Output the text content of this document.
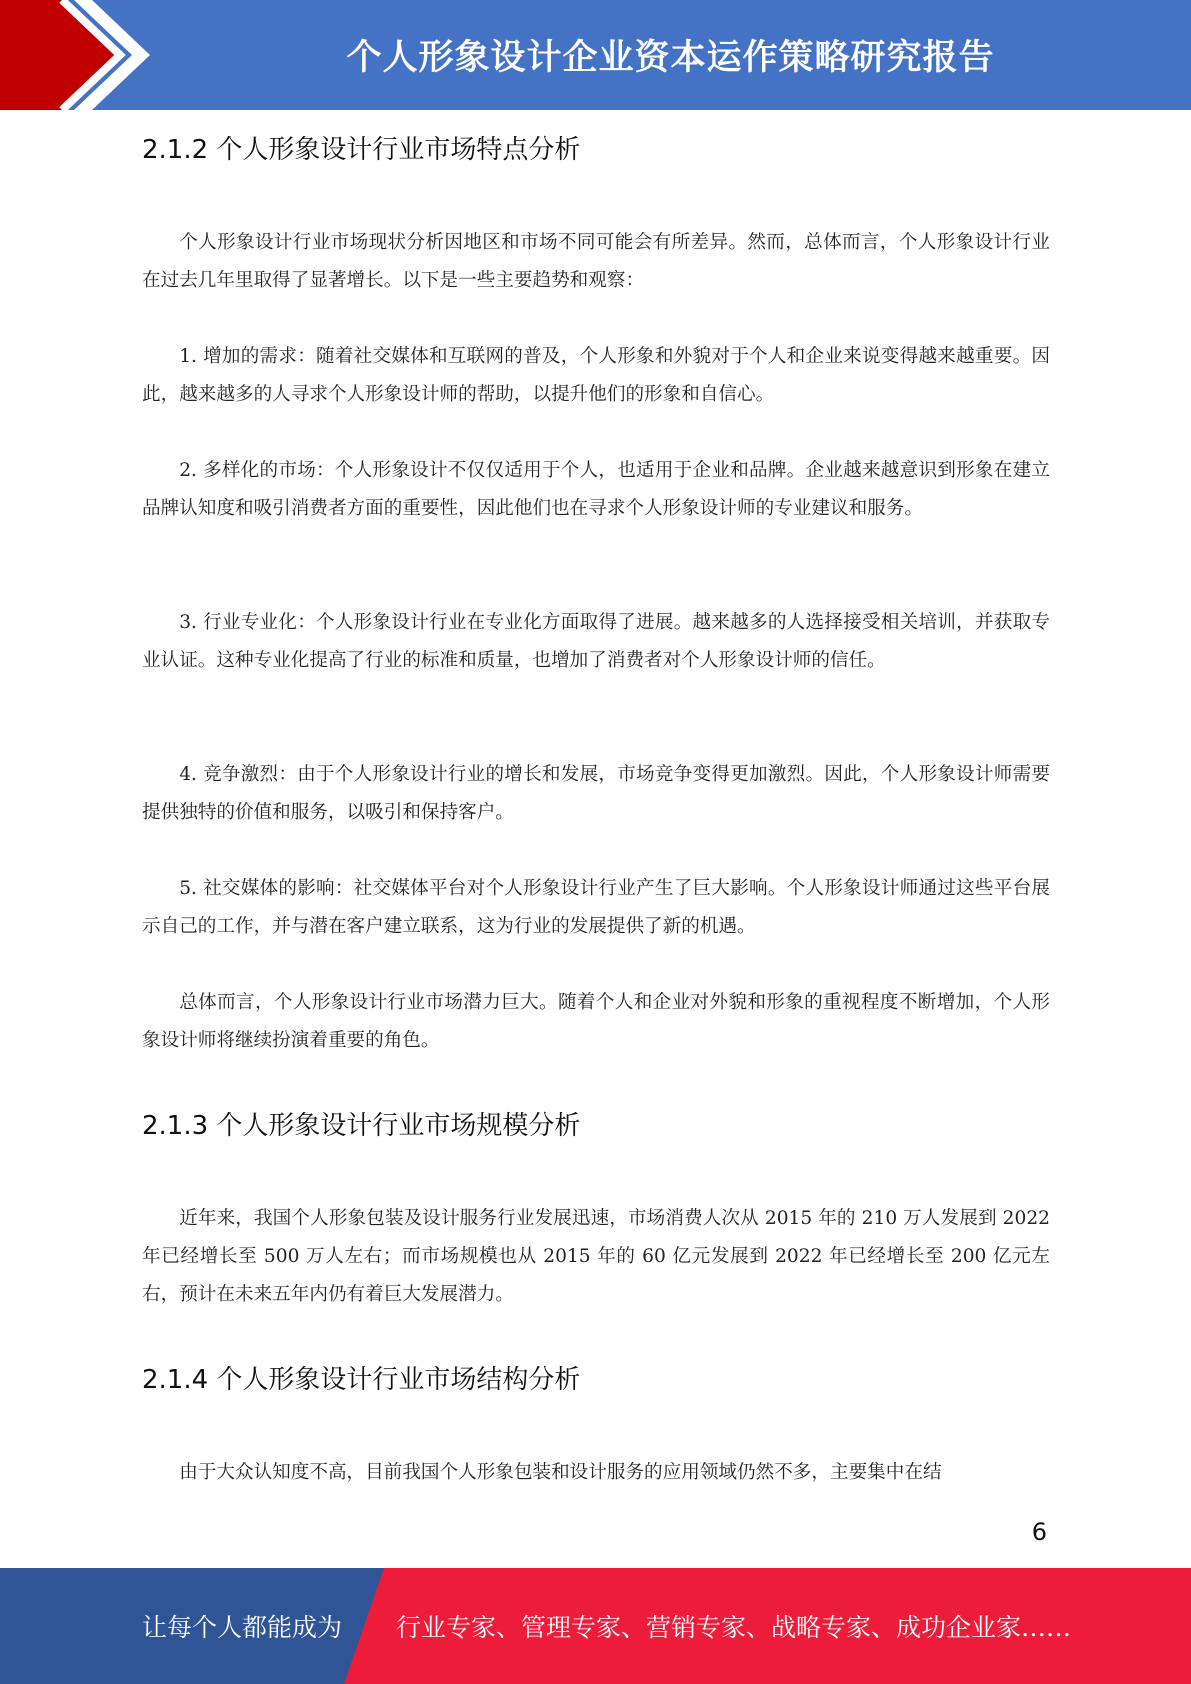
个人形象设计企业资本运作策略研究报告
2.1.2 个人形象设计行业市场特点分析

个人形象设计行业市场现状分析因地区和市场不同可能会有所差异。然而，总体而言，个人形象设计行业在过去几年里取得了显著增长。以下是一些主要趋势和观察：

1. 增加的需求：随着社交媒体和互联网的普及，个人形象和外貌对于个人和企业来说变得越来越重要。因此，越来越多的人寻求个人形象设计师的帮助，以提升他们的形象和自信心。

2. 多样化的市场：个人形象设计不仅仅适用于个人，也适用于企业和品牌。企业越来越意识到形象在建立品牌认知度和吸引消费者方面的重要性，因此他们也在寻求个人形象设计师的专业建议和服务。

3. 行业专业化：个人形象设计行业在专业化方面取得了进展。越来越多的人选择接受相关培训，并获取专业认证。这种专业化提高了行业的标准和质量，也增加了消费者对个人形象设计师的信任。

4. 竞争激烈：由于个人形象设计行业的增长和发展，市场竞争变得更加激烈。因此，个人形象设计师需要提供独特的价值和服务，以吸引和保持客户。

5. 社交媒体的影响：社交媒体平台对个人形象设计行业产生了巨大影响。个人形象设计师通过这些平台展示自己的工作，并与潜在客户建立联系，这为行业的发展提供了新的机遇。

总体而言，个人形象设计行业市场潜力巨大。随着个人和企业对外貌和形象的重视程度不断增加，个人形象设计师将继续扮演着重要的角色。

2.1.3 个人形象设计行业市场规模分析

近年来，我国个人形象包装及设计服务行业发展迅速，市场消费人次从 2015 年的 210 万人发展到 2022 年已经增长至 500 万人左右；而市场规模也从 2015 年的 60 亿元发展到 2022 年已经增长至 200 亿元左右，预计在未来五年内仍有着巨大发展潜力。

2.1.4 个人形象设计行业市场结构分析

由于大众认知度不高，目前我国个人形象包装和设计服务的应用领域仍然不多，主要集中在结

6
让每个人都能成为 行业专家、管理专家、营销专家、战略专家、成功企业家……
